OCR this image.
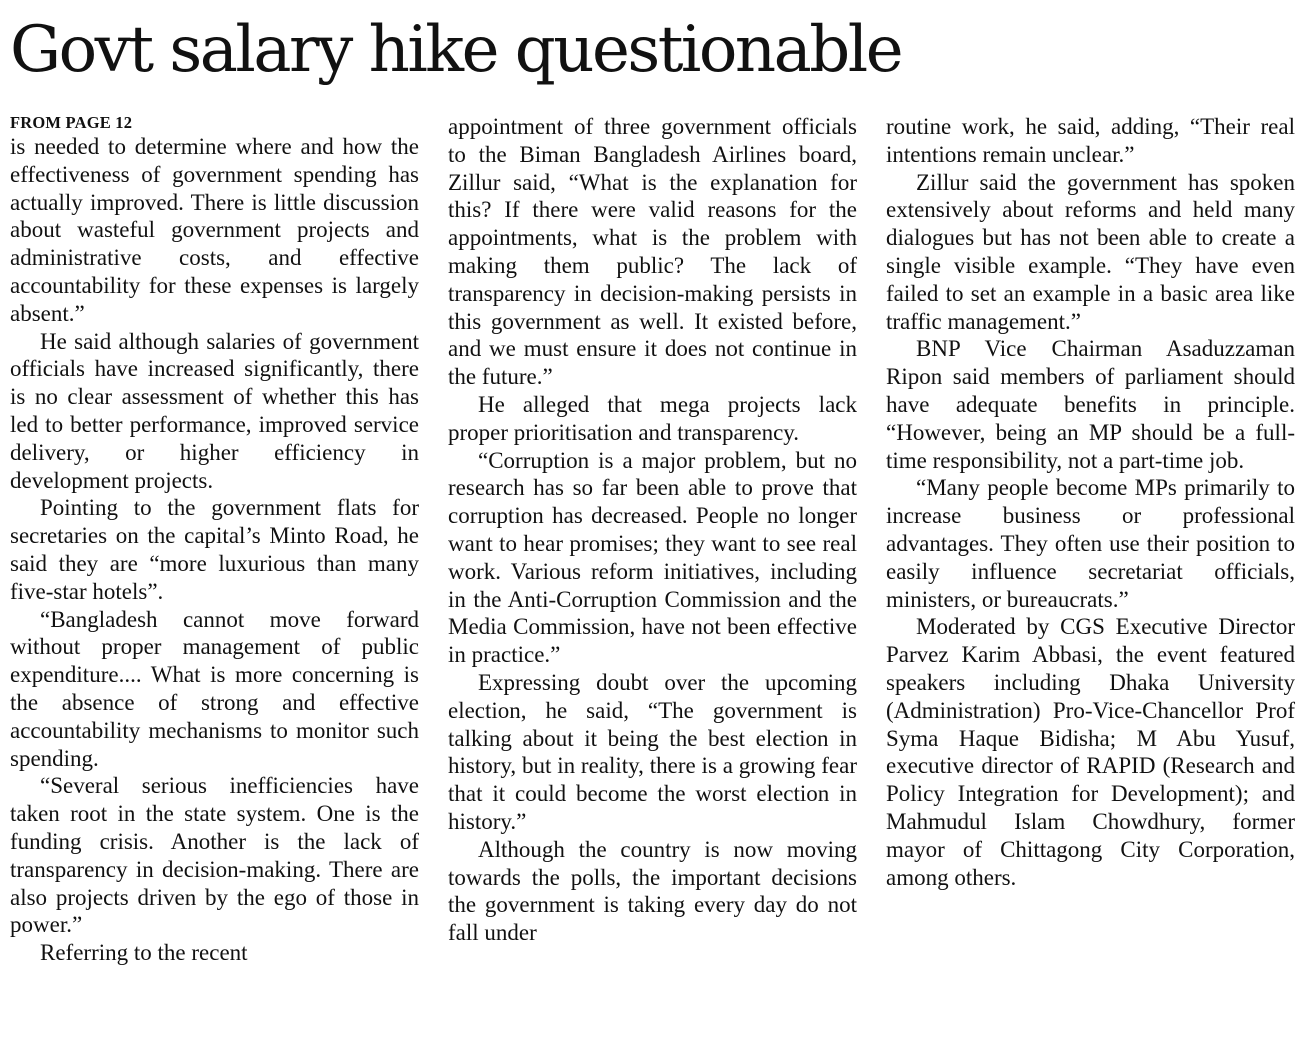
Govt salary hike questionable
FROM PAGE 12

is needed to determine where and how the effectiveness of government spending has actually improved. There is little discussion about wasteful government projects and administrative costs, and effective accountability for these expenses is largely absent.”

He said although salaries of government officials have increased significantly, there is no clear assessment of whether this has led to better performance, improved service delivery, or higher efficiency in development projects.

Pointing to the government flats for secretaries on the capital’s Minto Road, he said they are “more luxurious than many five-star hotels”.

“Bangladesh cannot move forward without proper management of public expenditure.... What is more concerning is the absence of strong and effective accountability mechanisms to monitor such spending.

“Several serious inefficiencies have taken root in the state system. One is the funding crisis. Another is the lack of transparency in decision-making. There are also projects driven by the ego of those in power.”

Referring to the recent

appointment of three government officials to the Biman Bangladesh Airlines board, Zillur said, “What is the explanation for this? If there were valid reasons for the appointments, what is the problem with making them public? The lack of transparency in decision-making persists in this government as well. It existed before, and we must ensure it does not continue in the future.”

He alleged that mega projects lack proper prioritisation and transparency.

“Corruption is a major problem, but no research has so far been able to prove that corruption has decreased. People no longer want to hear promises; they want to see real work. Various reform initiatives, including in the Anti-Corruption Commission and the Media Commission, have not been effective in practice.”

Expressing doubt over the upcoming election, he said, “The government is talking about it being the best election in history, but in reality, there is a growing fear that it could become the worst election in history.”

Although the country is now moving towards the polls, the important decisions the government is taking every day do not fall under

routine work, he said, adding, “Their real intentions remain unclear.”

Zillur said the government has spoken extensively about reforms and held many dialogues but has not been able to create a single visible example. “They have even failed to set an example in a basic area like traffic management.”

BNP Vice Chairman Asaduzzaman Ripon said members of parliament should have adequate benefits in principle. “However, being an MP should be a full-time responsibility, not a part-time job.

“Many people become MPs primarily to increase business or professional advantages. They often use their position to easily influence secretariat officials, ministers, or bureaucrats.”

Moderated by CGS Executive Director Parvez Karim Abbasi, the event featured speakers including Dhaka University (Administration) Pro-Vice-Chancellor Prof Syma Haque Bidisha; M Abu Yusuf, executive director of RAPID (Research and Policy Integration for Development); and Mahmudul Islam Chowdhury, former mayor of Chittagong City Corporation, among others.
